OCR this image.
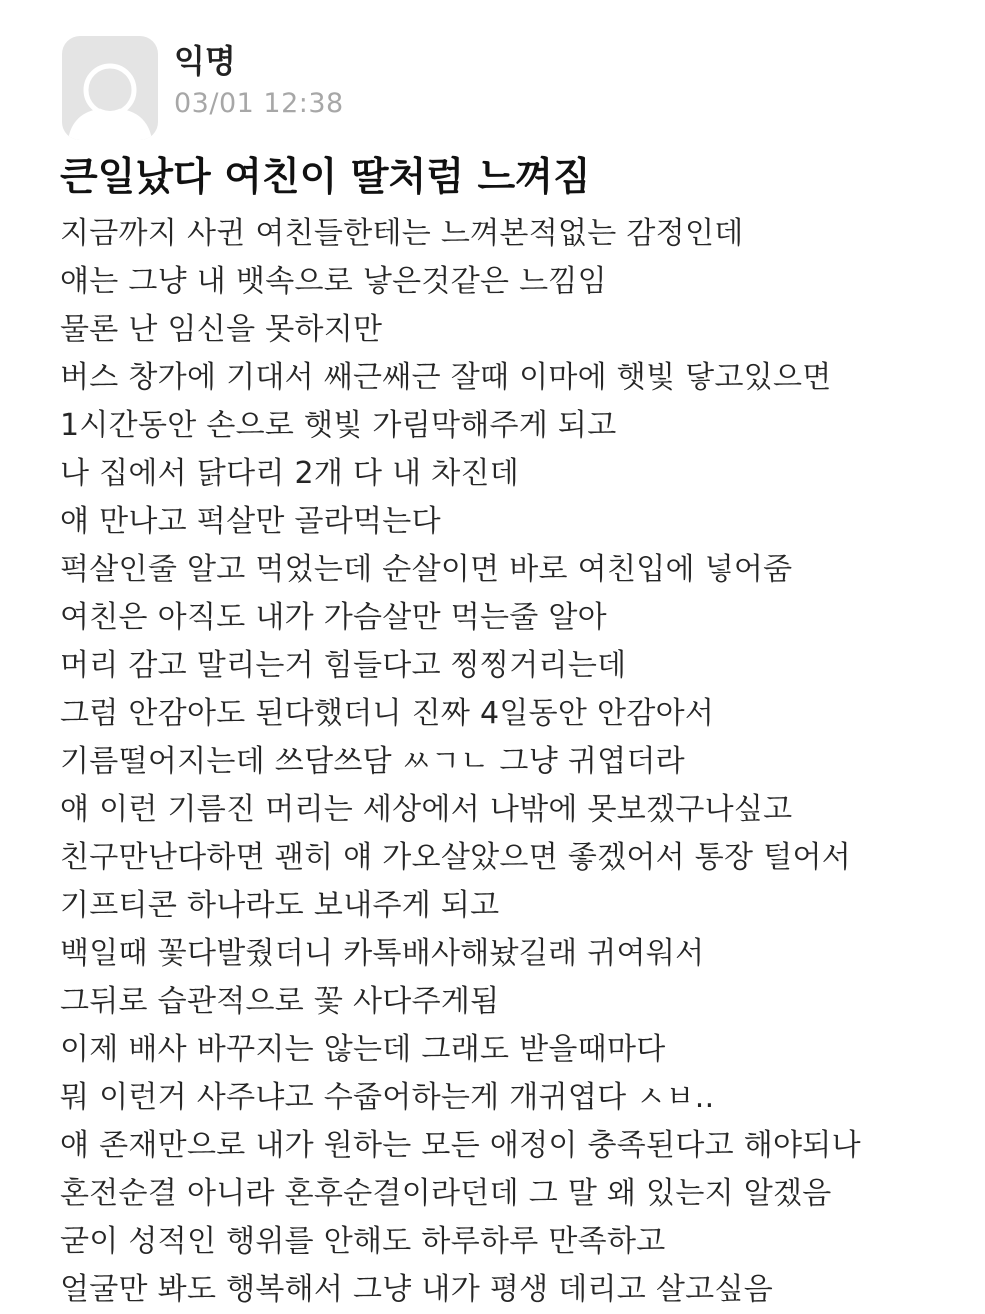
익명
03/01 12:38
큰일났다 여친이 딸처럼 느껴짐
지금까지 사귄 여친들한테는 느껴본적없는 감정인데
얘는 그냥 내 뱃속으로 낳은것같은 느낌임
물론 난 임신을 못하지만
버스 창가에 기대서 쌔근쌔근 잘때 이마에 햇빛 닿고있으면
1시간동안 손으로 햇빛 가림막해주게 되고
나 집에서 닭다리 2개 다 내 차진데
얘 만나고 퍽살만 골라먹는다
퍽살인줄 알고 먹었는데 순살이면 바로 여친입에 넣어줌
여친은 아직도 내가 가슴살만 먹는줄 알아
머리 감고 말리는거 힘들다고 찡찡거리는데
그럼 안감아도 된다했더니 진짜 4일동안 안감아서
기름떨어지는데 쓰담쓰담 ㅆㄱㄴ 그냥 귀엽더라
얘 이런 기름진 머리는 세상에서 나밖에 못보겠구나싶고
친구만난다하면 괜히 얘 가오살았으면 좋겠어서 통장 털어서
기프티콘 하나라도 보내주게 되고
백일때 꽃다발줬더니 카톡배사해놨길래 귀여워서
그뒤로 습관적으로 꽃 사다주게됨
이제 배사 바꾸지는 않는데 그래도 받을때마다
뭐 이런거 사주냐고 수줍어하는게 개귀엽다 ㅅㅂ..
얘 존재만으로 내가 원하는 모든 애정이 충족된다고 해야되나
혼전순결 아니라 혼후순결이라던데 그 말 왜 있는지 알겠음
굳이 성적인 행위를 안해도 하루하루 만족하고
얼굴만 봐도 행복해서 그냥 내가 평생 데리고 살고싶음
